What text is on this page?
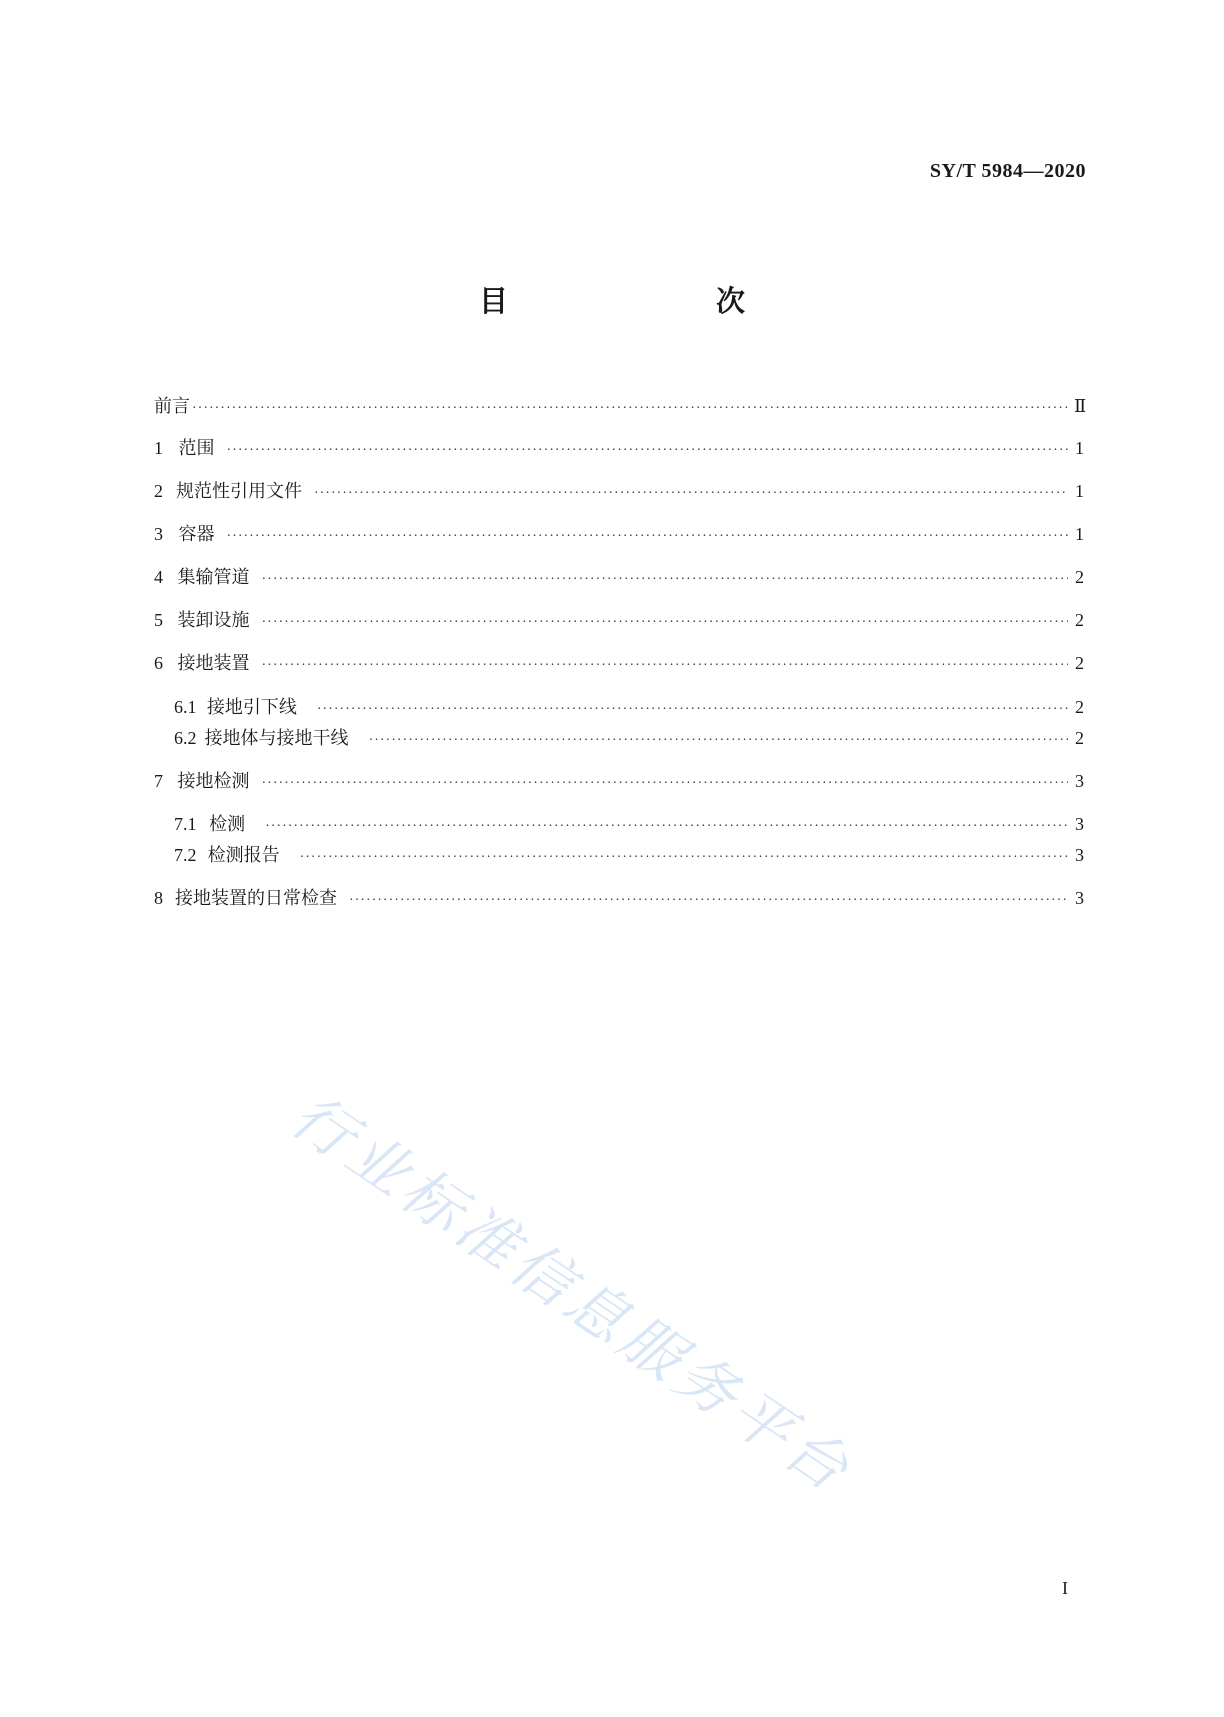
SY/T 5984—2020
目　　次
前言 ·····	Ⅱ
1 范围 ·····	1
2 规范性引用文件 ·····	1
3 容器 ·····	1
4 集输管道 ·····	2
5 装卸设施 ·····	2
6 接地装置 ·····	2
6.1 接地引下线 ·····	2
6.2 接地体与接地干线 ·····	2
7 接地检测 ·····	3
7.1 检测 ·····	3
7.2 检测报告 ·····	3
8 接地装置的日常检查 ·····	3
行业标准信息服务平台
I
